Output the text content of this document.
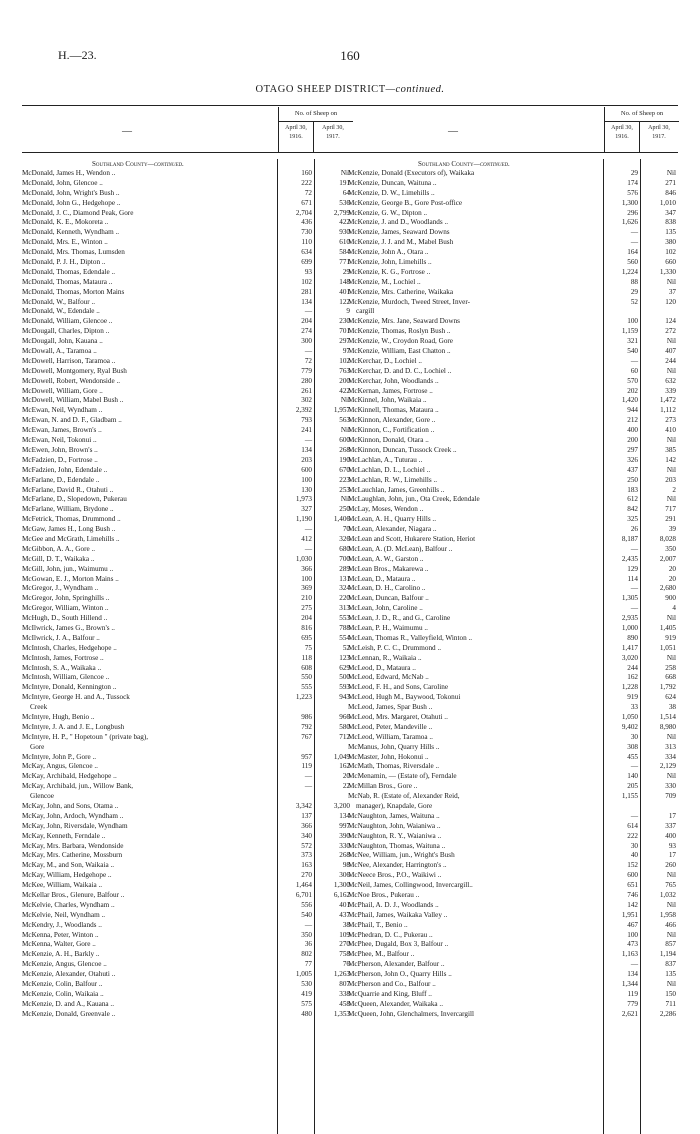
H.—23.	160
OTAGO SHEEP DISTRICT—continued.
—
No. of Sheep on
April 30, 1916.
April 30, 1917.
Southland County—continued.
McDonald, James H., Wendon ..	160	Nil
McDonald, John, Glencoe ..	222	191
McDonald, John, Wright's Bush ..	72	64
McDonald, John G., Hedgehope ..	671	536
McDonald, J. C., Diamond Peak, Gore	2,704	2,799
McDonald, K. E., Mokoreta ..	436	422
McDonald, Kenneth, Wyndham ..	730	930
McDonald, Mrs. E., Winton ..	110	610
McDonald, Mrs. Thomas, Lumsden	634	584
McDonald, P. J. H., Dipton ..	699	771
McDonald, Thomas, Edendale ..	93	29
McDonald, Thomas, Mataura ..	102	148
McDonald, Thomas, Morton Mains	281	401
McDonald, W., Balfour ..	134	122
McDonald, W., Edendale ..	—	9
McDonald, William, Glencoe ..	204	230
McDougall, Charles, Dipton ..	274	701
McDougall, John, Kauana ..	300	297
McDowall, A., Taramoa ..	—	97
McDowell, Harrison, Taramoa ..	72	102
McDowell, Montgomery, Ryal Bush	779	763
McDowell, Robert, Wendonside ..	280	200
McDowell, William, Gore ..	261	422
McDowell, William, Mabel Bush ..	302	Nil
McEwan, Neil, Wyndham ..	2,392	1,957
McEwan, N. and D. F., Gladbam ..	793	563
McEwan, James, Brown's ..	241	Nil
McEwan, Neil, Tokonui ..	—	600
McEwen, John, Brown's ..	134	268
McFadzien, D., Fortrose ..	203	190
McFadzien, John, Edendale ..	600	670
McFarlane, D., Edendale ..	100	223
McFarlane, David R., Otahuti ..	130	253
McFarlane, D., Slopedown, Pukerau	1,973	Nil
McFarlane, William, Brydone ..	327	250
McFetrick, Thomas, Drummond ..	1,190	1,406
McGaw, James H., Long Bush ..	—	70
McGee and McGrath, Limehills ..	412	326
McGibbon, A. A., Gore ..	—	680
McGill, D. T., Waikaka ..	1,030	700
McGill, John, jun., Waimumu ..	366	289
McGowan, E. J., Morton Mains ..	100	131
McGregor, J., Wyndham ..	369	324
McGregor, John, Springhills ..	210	220
McGregor, William, Winton ..	275	313
McHugh, D., South Hillend ..	204	553
McIlwrick, James G., Brown's ..	816	788
McIlwrick, J. A., Balfour ..	695	554
McIntosh, Charles, Hedgehope ..	75	52
McIntosh, James, Fortrose ..	118	123
McIntosh, S. A., Waikaka ..	608	629
McIntosh, William, Glencoe ..	550	500
McIntyre, Donald, Kennington ..	555	593
McIntyre, George H. and A., Tussock	1,223	943
Creek
McIntyre, Hugh, Benio ..	986	966
McIntyre, J. A. and J. E., Longbush	792	580
McIntyre, H. P., " Hopetoun " (private bag),	767	712
Gore
McIntyre, John P., Gore ..	957	1,049
McKay, Angus, Glencoe ..	119	162
McKay, Archibald, Hedgehope ..	—	20
McKay, Archibald, jun., Willow Bank,	—	22
Glencoe
McKay, John, and Sons, Otama ..	3,342	3,200
McKay, John, Ardoch, Wyndham ..	137	134
McKay, John, Riversdale, Wyndham	366	997
McKay, Kenneth, Ferndale ..	340	390
McKay, Mrs. Barbara, Wendonside	572	330
McKay, Mrs. Catherine, Mossburn	373	268
McKay, M., and Son, Waikaia ..	163	98
McKay, William, Hedgehope ..	270	306
McKee, William, Waikaia ..	1,464	1,300
McKellar Bros., Glenure, Balfour ..	6,701	6,162
McKelvie, Charles, Wyndham ..	556	401
McKelvie, Neil, Wyndham ..	540	437
McKendry, J., Woodlands ..	—	38
McKenna, Peter, Winton ..	350	109
McKenna, Walter, Gore ..	36	270
McKenzie, A. H., Barkly ..	802	758
McKenzie, Angus, Glencoe ..	77	76
McKenzie, Alexander, Otahuti ..	1,005	1,263
McKenzie, Colin, Balfour ..	530	807
McKenzie, Colin, Waikaia ..	419	338
McKenzie, D. and A., Kauana ..	575	458
McKenzie, Donald, Greenvale ..	480	1,353
—
No. of Sheep on
April 30, 1916.
April 30, 1917.
Southland County—continued.
McKenzie, Donald (Executors of), Waikaka	29	Nil
McKenzie, Duncan, Waituna ..	174	271
McKenzie, D. W., Limehills ..	576	846
McKenzie, George B., Gore Post-office	1,300	1,010
McKenzie, G. W., Dipton ..	296	347
McKenzie, J. and D., Woodlands ..	1,626	838
McKenzie, James, Seaward Downs	—	135
McKenzie, J. J. and M., Mabel Bush	—	380
McKenzie, John A., Otara ..	164	102
McKenzie, John, Limehills ..	560	660
McKenzie, K. G., Fortrose ..	1,224	1,330
McKenzie, M., Lochiel ..	88	Nil
McKenzie, Mrs. Catherine, Waikaka	29	37
McKenzie, Murdoch, Tweed Street, Inver-	52	120
cargill
McKenzie, Mrs. Jane, Seaward Downs	100	124
McKenzie, Thomas, Roslyn Bush ..	1,159	272
McKenzie, W., Croydon Road, Gore	321	Nil
McKenzie, William, East Chatton ..	540	407
McKerchar, D., Lochiel ..	—	244
McKerchar, D. and D. C., Lochiel ..	60	Nil
McKerchar, John, Woodlands ..	570	632
McKernan, James, Fortrose ..	202	339
McKinnel, John, Waikaia ..	1,420	1,472
McKinnell, Thomas, Mataura ..	944	1,112
McKinnon, Alexander, Gore ..	212	273
McKinnon, C., Fortification ..	400	410
McKinnon, Donald, Otara ..	200	Nil
McKinnon, Duncan, Tussock Creek ..	297	385
McLachlan, A., Tuturau ..	326	142
McLachlan, D. L., Lochiel ..	437	Nil
McLachlan, R. W., Limehills ..	250	203
McLauchlan, James, Greenhills ..	183	2
McLaughlan, John, jun., Ota Creek, Edendale	612	Nil
McLay, Moses, Wendon ..	842	717
McLean, A. H., Quarry Hills ..	325	291
McLean, Alexander, Niagara ..	26	39
McLean and Scott, Hukarere Station, Heriot	8,187	8,028
McLean, A. (D. McLean), Balfour ..	—	350
McLean, A. W., Garston ..	2,435	2,007
McLean Bros., Makarewa ..	129	20
McLean, D., Mataura ..	114	20
McLean, D. H., Carolino ..	—	2,680
McLean, Duncan, Balfour ..	1,305	900
McLean, John, Caroline ..	—	4
McLean, J. D., R., and G., Caroline	2,935	Nil
McLean, P. H., Waimumu ..	1,000	1,405
McLean, Thomas R., Valleyfield, Winton ..	890	919
McLeish, P. C. C., Drummond ..	1,417	1,051
McLennan, R., Waikaia ..	3,020	Nil
McLeod, D., Mataura ..	244	258
McLeod, Edward, McNab ..	162	668
McLeod, F. H., and Sons, Caroline	1,228	1,792
McLeod, Hugh M., Baywood, Tokonui	919	624
McLeod, James, Spar Bush ..	33	38
McLeod, Mrs. Margaret, Otahuti ..	1,050	1,514
McLeod, Peter, Mandeville ..	9,402	8,980
McLeod, William, Taramoa ..	30	Nil
McManus, John, Quarry Hills ..	308	313
McMaster, John, Hokonui ..	455	334
McMath, Thomas, Riversdale ..	—	2,129
McMenamin, — (Estate of), Ferndale	140	Nil
McMillan Bros., Gore ..	205	330
McNab, R. (Estate of, Alexander Reid,	1,155	709
manager), Knapdale, Gore
McNaughton, James, Waituna ..	—	17
McNaughton, John, Waianiwa ..	614	337
McNaughton, R. Y., Waianiwa ..	222	400
McNaughton, Thomas, Waituna ..	30	93
McNee, William, jun., Wright's Bush	40	17
McNee, Alexander, Harrington's ..	152	260
McNeece Bros., P.O., Waikiwi ..	600	Nil
McNeil, James, Collingwood, Invercargill..	651	765
McNoe Bros., Pukerau ..	746	1,032
McPhail, A. D. J., Woodlands ..	142	Nil
McPhail, James, Waikaka Valley ..	1,951	1,958
McPhail, T., Benio ..	467	466
McPhedran, D. C., Pukerau ..	100	Nil
McPhee, Dugald, Box 3, Balfour ..	473	857
McPhee, M., Balfour ..	1,163	1,194
McPherson, Alexander, Balfour ..	—	837
McPherson, John O., Quarry Hills ..	134	135
McPherson and Co., Balfour ..	1,344	Nil
McQuarrie and King, Bluff ..	119	150
McQueen, Alexander, Waikaka ..	779	711
McQueen, John, Glenchalmers, Invercargill	2,621	2,286
